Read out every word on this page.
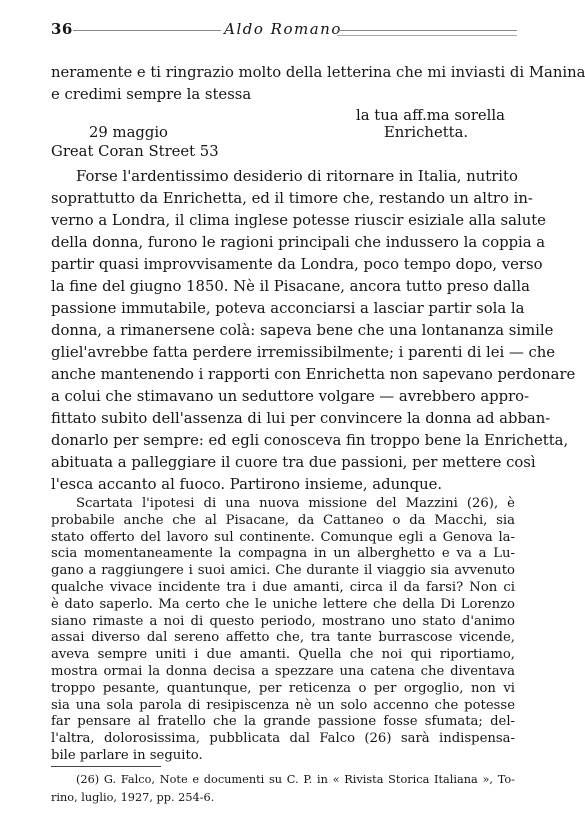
36	Aldo Romano
neramente e ti ringrazio molto della letterina che mi inviasti di Manina
e credimi sempre la stessa
la tua aff.ma sorella
29 maggio	Enrichetta.
Great Coran Street 53
Forse l'ardentissimo desiderio di ritornare in Italia, nutrito
soprattutto da Enrichetta, ed il timore che, restando un altro in-
verno a Londra, il clima inglese potesse riuscir esiziale alla salute
della donna, furono le ragioni principali che indussero la coppia a
partir quasi improvvisamente da Londra, poco tempo dopo, verso
la fine del giugno 1850. Nè il Pisacane, ancora tutto preso dalla
passione immutabile, poteva acconciarsi a lasciar partir sola la
donna, a rimanersene colà: sapeva bene che una lontananza simile
gliel'avrebbe fatta perdere irremissibilmente; i parenti di lei — che
anche mantenendo i rapporti con Enrichetta non sapevano perdonare
a colui che stimavano un seduttore volgare — avrebbero appro-
fittato subito dell'assenza di lui per convincere la donna ad abban-
donarlo per sempre: ed egli conosceva fin troppo bene la Enrichetta,
abituata a palleggiare il cuore tra due passioni, per mettere così
l'esca accanto al fuoco. Partirono insieme, adunque.
Scartata l'ipotesi di una nuova missione del Mazzini (26), è
probabile anche che al Pisacane, da Cattaneo o da Macchi, sia
stato offerto del lavoro sul continente. Comunque egli a Genova la-
scia momentaneamente la compagna in un alberghetto e va a Lu-
gano a raggiungere i suoi amici. Che durante il viaggio sia avvenuto
qualche vivace incidente tra i due amanti, circa il da farsi? Non ci
è dato saperlo. Ma certo che le uniche lettere che della Di Lorenzo
siano rimaste a noi di questo periodo, mostrano uno stato d'animo
assai diverso dal sereno affetto che, tra tante burrascose vicende,
aveva sempre uniti i due amanti. Quella che noi qui riportiamo,
mostra ormai la donna decisa a spezzare una catena che diventava
troppo pesante, quantunque, per reticenza o per orgoglio, non vi
sia una sola parola di resipiscenza nè un solo accenno che potesse
far pensare al fratello che la grande passione fosse sfumata; del-
l'altra, dolorosissima, pubblicata dal Falco (26) sarà indispensa-
bile parlare in seguito.
(26) G. Falco, Note e documenti su C. P. in « Rivista Storica Italiana », To-
rino, luglio, 1927, pp. 254-6.
